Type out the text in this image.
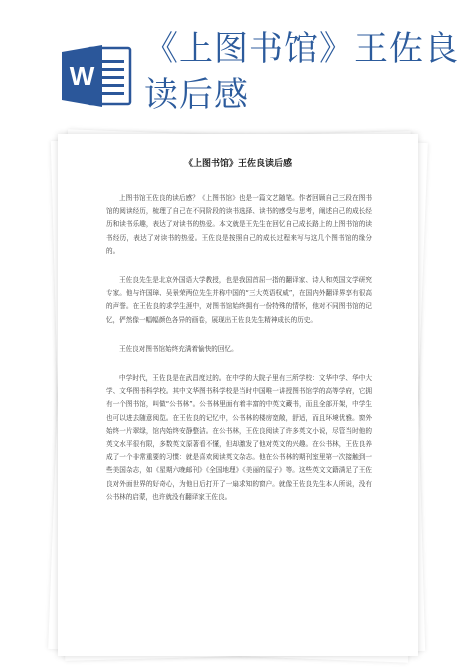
W
《上图书馆》王佐良读后感
《上图书馆》王佐良读后感

上图书馆王佐良的读后感？《上图书馆》也是一篇文艺随笔。作者回顾自己三段在图书馆的阅读经历，梳理了自己在不同阶段的读书选择、读书的感受与思考，阐述自己的成长经历和读书乐趣，表达了对读书的热爱。本文就是王先生在回忆自己成长路上的上图书馆的读书经历，表达了对读书的热爱。王佐良是按照自己的成长过程来写与这几个图书馆的缘分的。

王佐良先生是北京外国语大学教授，也是我国首屈一指的翻译家、诗人和英国文学研究专家。他与许国璋、吴景荣两位先生并称中国的“三大英语权威”，在国内外翻译界享有很高的声誉。在王佐良的求学生涯中，对图书馆始终拥有一份特殊的情怀，他对不同图书馆的记忆，俨然像一幅幅颜色各异的画卷，展现出王佐良先生精神成长的历史。

王佐良对图书馆始终充满着愉快的回忆。

中学时代，王佐良是在武昌度过的。在中学的大院子里有三所学校：文华中学、华中大学、文华图书科学校。其中文华图书科学校是当时中国唯一讲授图书馆学的高等学府，它拥有一个图书馆，叫做“公书林”。公书林里面有着丰富的中英文藏书，而且全部开架，中学生也可以进去随意阅览。在王佐良的记忆中，公书林的楼房宽敞，舒适，而且环境优雅。窗外始终一片翠绿，馆内始终安静整洁。在公书林，王佐良阅读了许多英文小说，尽管当时他的英文水平很有限，多数英文原著看不懂，但却激发了他对英文的兴趣。在公书林，王佐良养成了一个非常重要的习惯：就是喜欢阅读英文杂志。他在公书林的期刊室里第一次接触到一些美国杂志，如《星期六晚邮刊》《全国地理》《美丽的屋子》等。这些英文文籍满足了王佐良对外面世界的好奇心，为他日后打开了一扇求知的窗户。就像王佐良先生本人所说，没有公书林的启蒙，也许就没有翻译家王佐良。
